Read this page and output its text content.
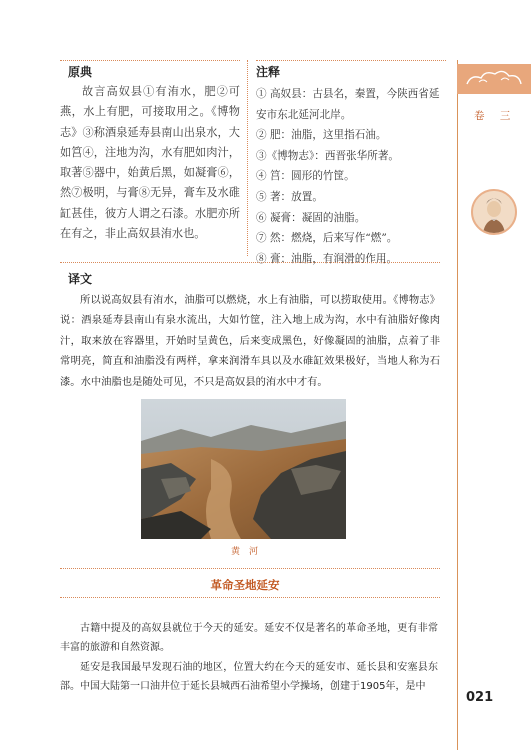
原典
故言高奴县①有洧水，肥②可燕，水上有肥，可接取用之。《博物志》③称酒泉延寿县南山出泉水，大如筥④，注地为沟，水有肥如肉汁，取著⑤器中，始黄后黑，如凝膏⑥，然⑦极明，与膏⑧无异，膏车及水碓缸甚佳，彼方人谓之石漆。水肥亦所在有之，非止高奴县洧水也。
注释
① 高奴县：古县名，秦置，今陕西省延安市东北延河北岸。
② 肥：油脂，这里指石油。
③《博物志》：西晋张华所著。
④ 筥：圆形的竹筐。
⑤ 著：放置。
⑥ 凝膏：凝固的油脂。
⑦ 然：燃烧，后来写作“燃”。
⑧ 膏：油脂，有润滑的作用。
译文
所以说高奴县有洧水，油脂可以燃烧，水上有油脂，可以捞取使用。《博物志》说：酒泉延寿县南山有泉水流出，大如竹筐，注入地上成为沟，水中有油脂好像肉汁，取来放在容器里，开始时呈黄色，后来变成黑色，好像凝固的油脂，点着了非常明亮，简直和油脂没有两样，拿来润滑车具以及水碓缸效果极好，当地人称为石漆。水中油脂也是随处可见，不只是高奴县的洧水中才有。
黄　河
革命圣地延安
古籍中提及的高奴县就位于今天的延安。延安不仅是著名的革命圣地，更有非常丰富的旅游和自然资源。
延安是我国最早发现石油的地区，位置大约在今天的延安市、延长县和安塞县东部。中国大陆第一口油井位于延长县城西石油希望小学操场，创建于1905年，是中
卷 三
021
